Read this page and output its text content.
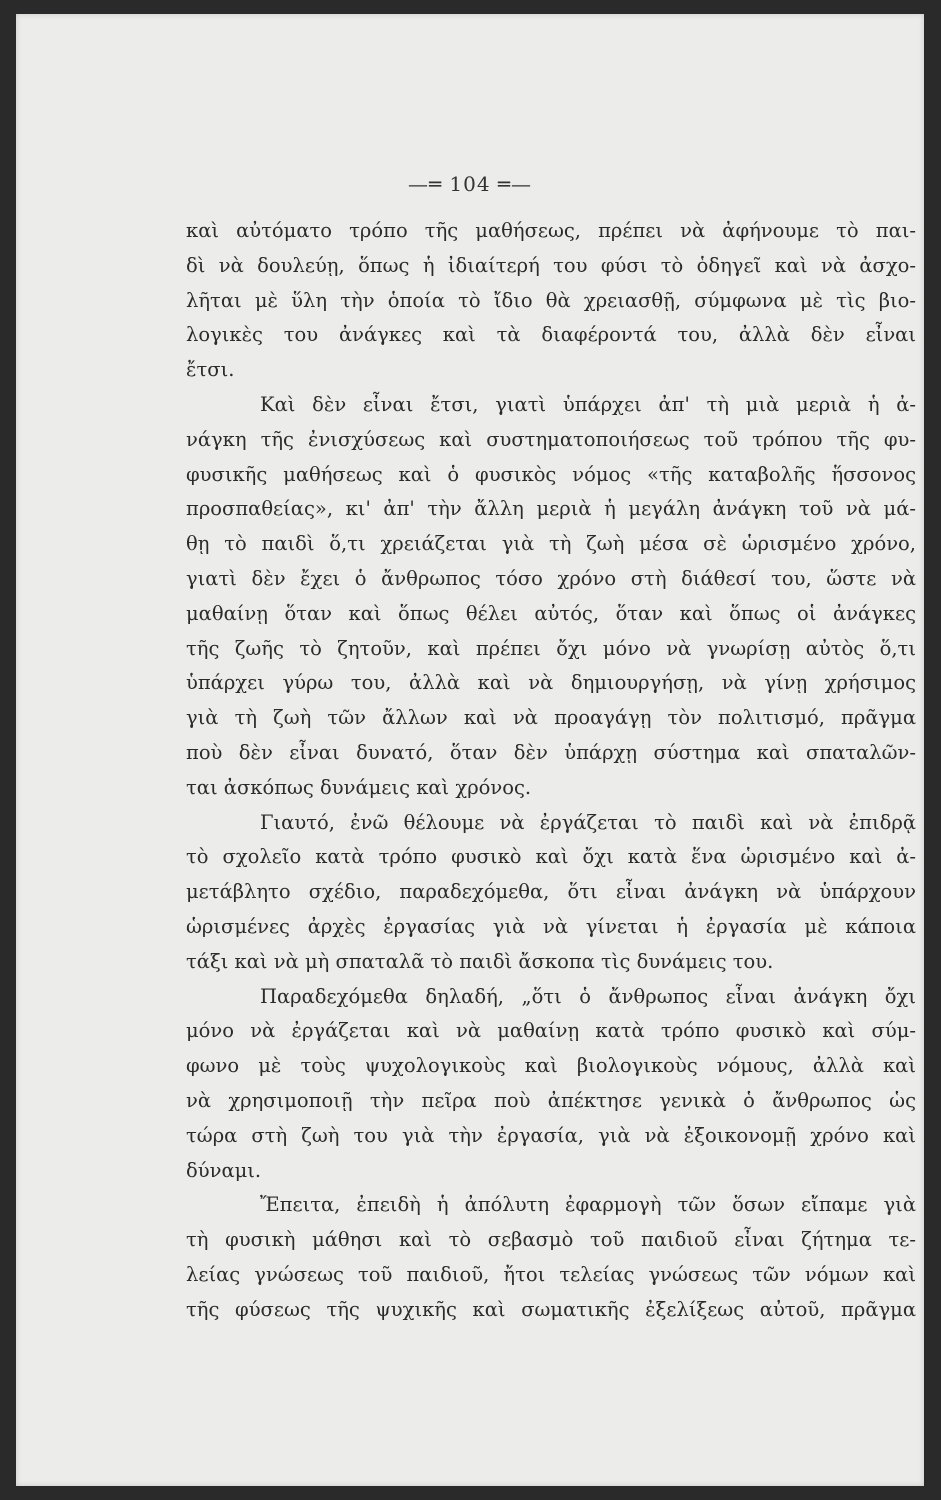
—═ 104 ═—
καὶ αὐτόματο τρόπο τῆς μαθήσεως, πρέπει νὰ ἀφήνουμε τὸ παι-
δὶ νὰ δουλεύῃ, ὅπως ἡ ἰδιαίτερή του φύσι τὸ ὁδηγεῖ καὶ νὰ ἀσχο-
λῆται μὲ ὕλη τὴν ὁποία τὸ ἴδιο θὰ χρειασθῇ, σύμφωνα μὲ τὶς βιο-
λογικὲς του ἀνάγκες καὶ τὰ διαφέροντά του, ἀλλὰ δὲν εἶναι
ἔτσι.
Καὶ δὲν εἶναι ἔτσι, γιατὶ ὑπάρχει ἀπ' τὴ μιὰ μεριὰ ἡ ἀ-
νάγκη τῆς ἐνισχύσεως καὶ συστηματοποιήσεως τοῦ τρόπου τῆς φυ-
φυσικῆς μαθήσεως καὶ ὁ φυσικὸς νόμος «τῆς καταβολῆς ἥσσονος
προσπαθείας», κι' ἀπ' τὴν ἄλλη μεριὰ ἡ μεγάλη ἀνάγκη τοῦ νὰ μά-
θῃ τὸ παιδὶ ὅ,τι χρειάζεται γιὰ τὴ ζωὴ μέσα σὲ ὡρισμένο χρόνο,
γιατὶ δὲν ἔχει ὁ ἄνθρωπος τόσο χρόνο στὴ διάθεσί του, ὥστε νὰ
μαθαίνῃ ὅταν καὶ ὅπως θέλει αὐτός, ὅταν καὶ ὅπως οἱ ἀνάγκες
τῆς ζωῆς τὸ ζητοῦν, καὶ πρέπει ὄχι μόνο νὰ γνωρίσῃ αὐτὸς ὅ,τι
ὑπάρχει γύρω του, ἀλλὰ καὶ νὰ δημιουργήσῃ, νὰ γίνῃ χρήσιμος
γιὰ τὴ ζωὴ τῶν ἄλλων καὶ νὰ προαγάγῃ τὸν πολιτισμό, πρᾶγμα
ποὺ δὲν εἶναι δυνατό, ὅταν δὲν ὑπάρχῃ σύστημα καὶ σπαταλῶν-
ται ἀσκόπως δυνάμεις καὶ χρόνος.
Γιαυτό, ἐνῶ θέλουμε νὰ ἐργάζεται τὸ παιδὶ καὶ νὰ ἐπιδρᾷ
τὸ σχολεῖο κατὰ τρόπο φυσικὸ καὶ ὄχι κατὰ ἕνα ὡρισμένο καὶ ἀ-
μετάβλητο σχέδιο, παραδεχόμεθα, ὅτι εἶναι ἀνάγκη νὰ ὑπάρχουν
ὡρισμένες ἀρχὲς ἐργασίας γιὰ νὰ γίνεται ἡ ἐργασία μὲ κάποια
τάξι καὶ νὰ μὴ σπαταλᾶ τὸ παιδὶ ἄσκοπα τὶς δυνάμεις του.
Παραδεχόμεθα δηλαδή, „ὅτι ὁ ἄνθρωπος εἶναι ἀνάγκη ὄχι
μόνο νὰ ἐργάζεται καὶ νὰ μαθαίνῃ κατὰ τρόπο φυσικὸ καὶ σύμ-
φωνο μὲ τοὺς ψυχολογικοὺς καὶ βιολογικοὺς νόμους, ἀλλὰ καὶ
νὰ χρησιμοποιῇ τὴν πεῖρα ποὺ ἀπέκτησε γενικὰ ὁ ἄνθρωπος ὡς
τώρα στὴ ζωὴ του γιὰ τὴν ἐργασία, γιὰ νὰ ἐξοικονομῇ χρόνο καὶ
δύναμι.
Ἔπειτα, ἐπειδὴ ἡ ἀπόλυτη ἐφαρμογὴ τῶν ὅσων εἴπαμε γιὰ
τὴ φυσικὴ μάθησι καὶ τὸ σεβασμὸ τοῦ παιδιοῦ εἶναι ζήτημα τε-
λείας γνώσεως τοῦ παιδιοῦ, ἤτοι τελείας γνώσεως τῶν νόμων καὶ
τῆς φύσεως τῆς ψυχικῆς καὶ σωματικῆς ἐξελίξεως αὐτοῦ, πρᾶγμα
